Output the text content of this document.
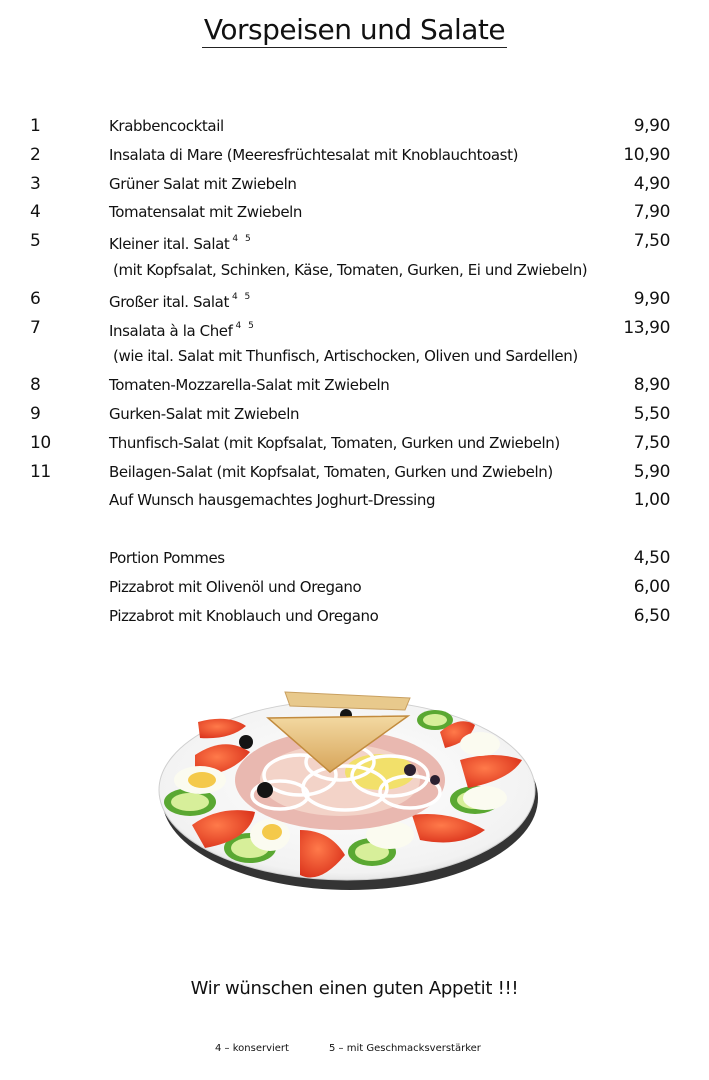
Vorspeisen und Salate
1	Krabbencocktail	9,90
2	Insalata di Mare (Meeresfrüchtesalat mit Knoblauchtoast)	10,90
3	Grüner Salat mit Zwiebeln	4,90
4	Tomatensalat mit Zwiebeln	7,90
5	Kleiner ital. Salat $^{4 5}$	7,50
(mit Kopfsalat, Schinken, Käse, Tomaten, Gurken, Ei und Zwiebeln)
6	Großer ital. Salat $^{4 5}$	9,90
7	Insalata à la Chef $^{4 5}$	13,90
(wie ital. Salat mit Thunfisch, Artischocken, Oliven und Sardellen)
8	Tomaten-Mozzarella-Salat mit Zwiebeln	8,90
9	Gurken-Salat mit Zwiebeln	5,50
10	Thunfisch-Salat (mit Kopfsalat, Tomaten, Gurken und Zwiebeln)	7,50
11	Beilagen-Salat (mit Kopfsalat, Tomaten, Gurken und Zwiebeln)	5,90
Auf Wunsch hausgemachtes Joghurt-Dressing	1,00
Portion Pommes	4,50
Pizzabrot mit Olivenöl und Oregano	6,00
Pizzabrot mit Knoblauch und Oregano	6,50
Wir wünschen einen guten Appetit !!!
4 – konserviert	5 – mit Geschmacksverstärker
